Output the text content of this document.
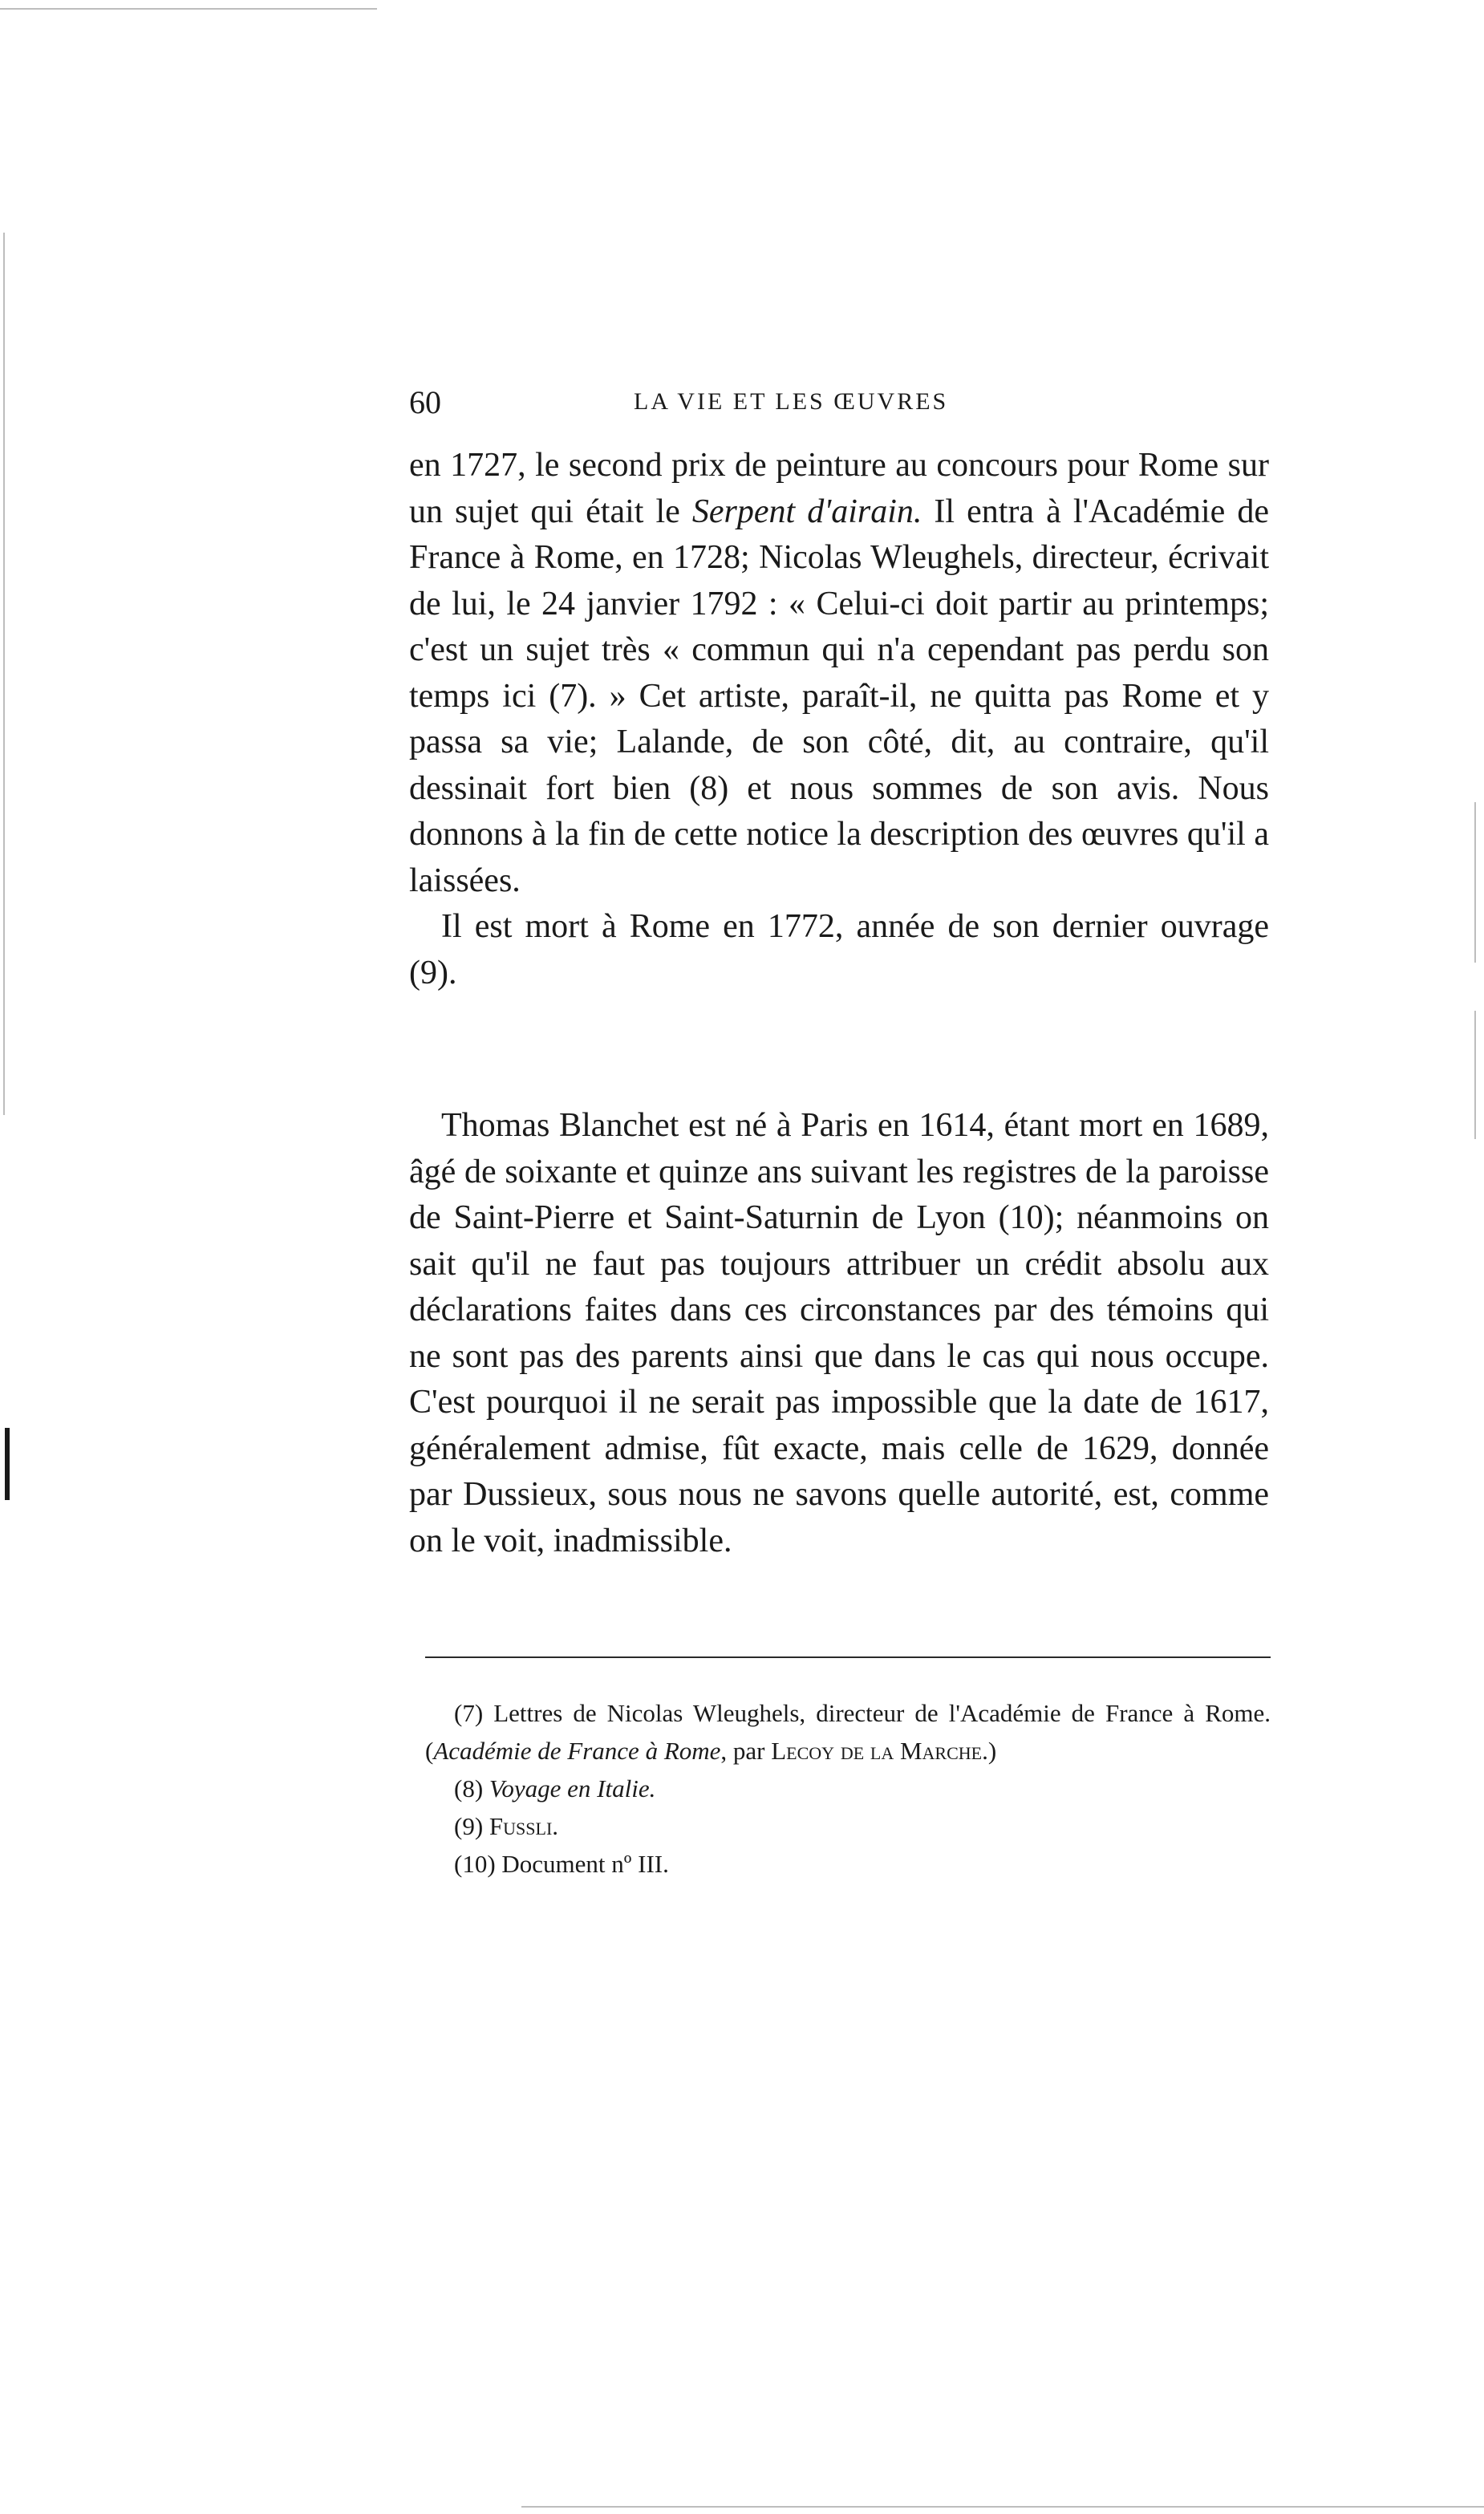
60	LA VIE ET LES ŒUVRES

en 1727, le second prix de peinture au concours pour Rome sur un sujet qui était le Serpent d'airain. Il entra à l'Académie de France à Rome, en 1728; Nicolas Wleughels, directeur, écrivait de lui, le 24 janvier 1792 : « Celui-ci doit partir au printemps; c'est un sujet très « commun qui n'a cependant pas perdu son temps ici (7). » Cet artiste, paraît-il, ne quitta pas Rome et y passa sa vie; Lalande, de son côté, dit, au contraire, qu'il dessinait fort bien (8) et nous sommes de son avis. Nous donnons à la fin de cette notice la description des œuvres qu'il a laissées.

Il est mort à Rome en 1772, année de son dernier ouvrage (9).

Thomas Blanchet est né à Paris en 1614, étant mort en 1689, âgé de soixante et quinze ans suivant les registres de la paroisse de Saint-Pierre et Saint-Saturnin de Lyon (10); néanmoins on sait qu'il ne faut pas toujours attribuer un crédit absolu aux déclarations faites dans ces circonstances par des témoins qui ne sont pas des parents ainsi que dans le cas qui nous occupe. C'est pourquoi il ne serait pas impossible que la date de 1617, généralement admise, fût exacte, mais celle de 1629, donnée par Dussieux, sous nous ne savons quelle autorité, est, comme on le voit, inadmissible.

(7) Lettres de Nicolas Wleughels, directeur de l'Académie de France à Rome. (Académie de France à Rome, par Lecoy de la Marche.)

(8) Voyage en Italie.

(9) Fussli.

(10) Document nº III.
